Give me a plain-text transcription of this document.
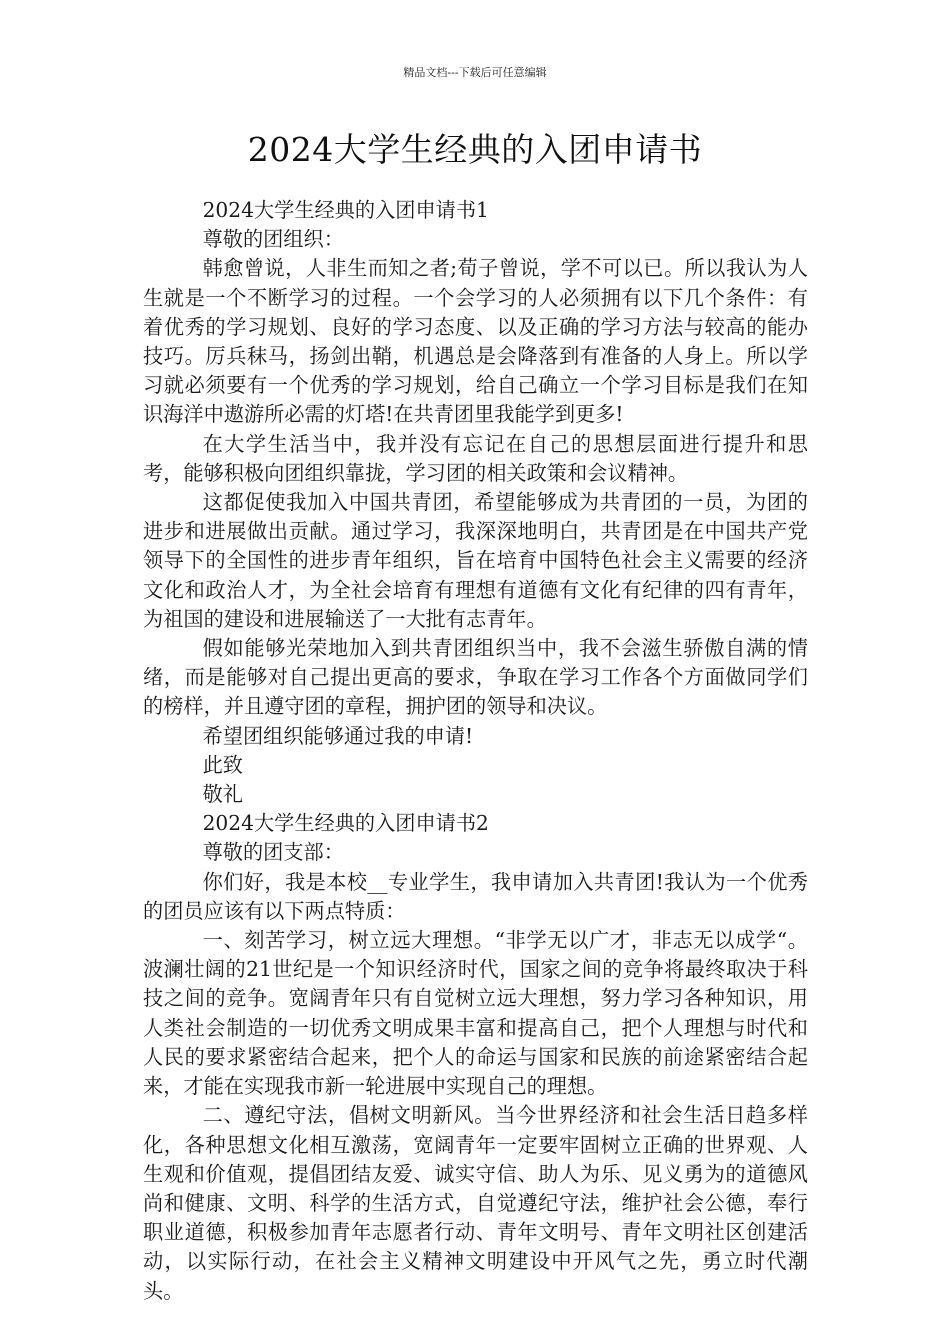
精品文档---下载后可任意编辑
2024大学生经典的入团申请书

2024大学生经典的入团申请书1

尊敬的团组织：

韩愈曾说，人非生而知之者;荀子曾说，学不可以已。所以我认为人生就是一个不断学习的过程。一个会学习的人必须拥有以下几个条件：有着优秀的学习规划、良好的学习态度、以及正确的学习方法与较高的能办技巧。厉兵秣马，扬剑出鞘，机遇总是会降落到有准备的人身上。所以学习就必须要有一个优秀的学习规划，给自己确立一个学习目标是我们在知识海洋中遨游所必需的灯塔!在共青团里我能学到更多!

在大学生活当中，我并没有忘记在自己的思想层面进行提升和思考，能够积极向团组织靠拢，学习团的相关政策和会议精神。

这都促使我加入中国共青团，希望能够成为共青团的一员，为团的进步和进展做出贡献。通过学习，我深深地明白，共青团是在中国共产党领导下的全国性的进步青年组织，旨在培育中国特色社会主义需要的经济文化和政治人才，为全社会培育有理想有道德有文化有纪律的四有青年，为祖国的建设和进展输送了一大批有志青年。

假如能够光荣地加入到共青团组织当中，我不会滋生骄傲自满的情绪，而是能够对自己提出更高的要求，争取在学习工作各个方面做同学们的榜样，并且遵守团的章程，拥护团的领导和决议。

希望团组织能够通过我的申请!

此致

敬礼

2024大学生经典的入团申请书2

尊敬的团支部：

你们好，我是本校__专业学生，我申请加入共青团!我认为一个优秀的团员应该有以下两点特质：

一、刻苦学习，树立远大理想。“非学无以广才，非志无以成学“。波澜壮阔的21世纪是一个知识经济时代，国家之间的竞争将最终取决于科技之间的竞争。宽阔青年只有自觉树立远大理想，努力学习各种知识，用人类社会制造的一切优秀文明成果丰富和提高自己，把个人理想与时代和人民的要求紧密结合起来，把个人的命运与国家和民族的前途紧密结合起来，才能在实现我市新一轮进展中实现自己的理想。

二、遵纪守法，倡树文明新风。当今世界经济和社会生活日趋多样化，各种思想文化相互激荡，宽阔青年一定要牢固树立正确的世界观、人生观和价值观，提倡团结友爱、诚实守信、助人为乐、见义勇为的道德风尚和健康、文明、科学的生活方式，自觉遵纪守法，维护社会公德，奉行职业道德，积极参加青年志愿者行动、青年文明号、青年文明社区创建活动，以实际行动，在社会主义精神文明建设中开风气之先，勇立时代潮头。
